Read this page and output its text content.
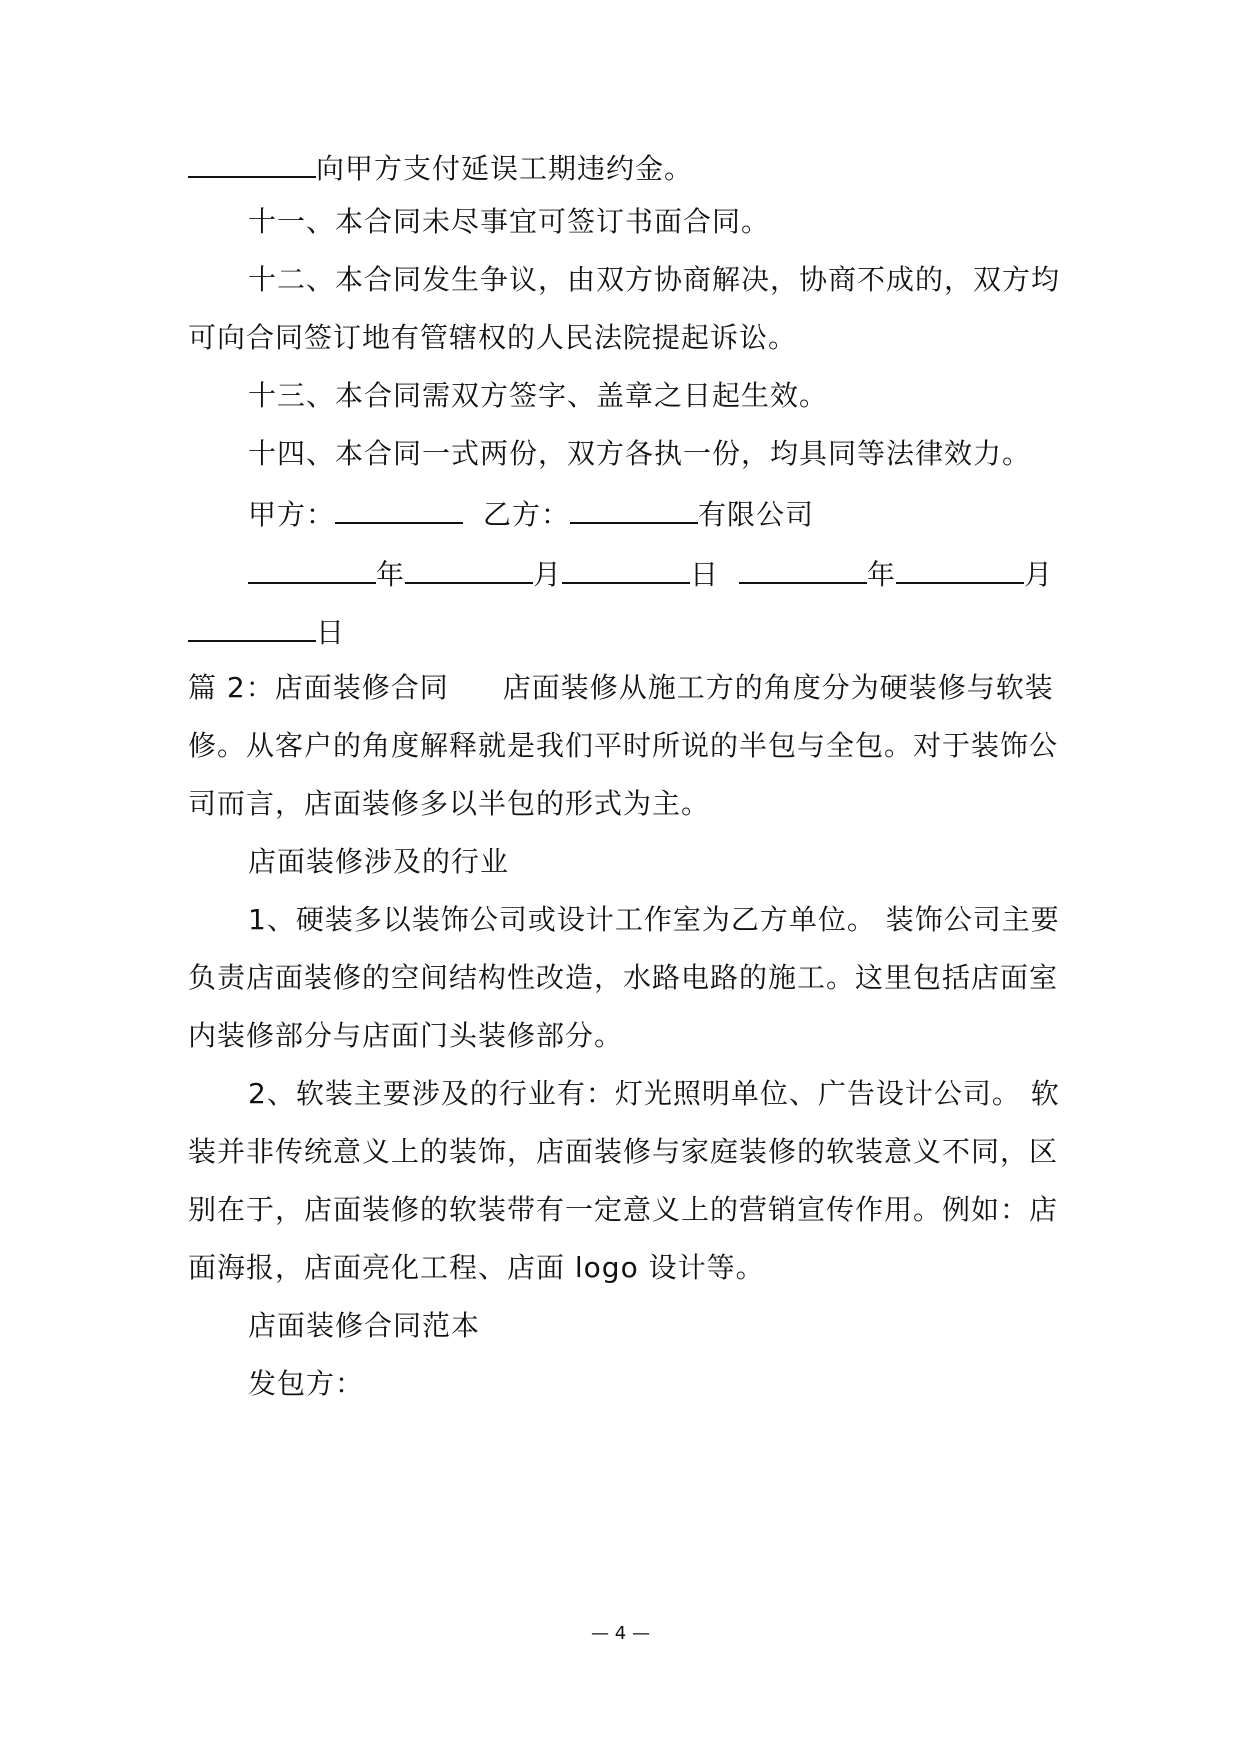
向甲方支付延误工期违约金。
十一、本合同未尽事宜可签订书面合同。
十二、本合同发生争议，由双方协商解决，协商不成的，双方均
可向合同签订地有管辖权的人民法院提起诉讼。
十三、本合同需双方签字、盖章之日起生效。
十四、本合同一式两份，双方各执一份，均具同等法律效力。
甲方：	乙方：	有限公司
年	月	日	年	月
日
篇 2：店面装修合同 店面装修从施工方的角度分为硬装修与软装
修。从客户的角度解释就是我们平时所说的半包与全包。对于装饰公
司而言，店面装修多以半包的形式为主。
店面装修涉及的行业
1、硬装多以装饰公司或设计工作室为乙方单位。 装饰公司主要
负责店面装修的空间结构性改造，水路电路的施工。这里包括店面室
内装修部分与店面门头装修部分。
2、软装主要涉及的行业有：灯光照明单位、广告设计公司。 软
装并非传统意义上的装饰，店面装修与家庭装修的软装意义不同，区
别在于，店面装修的软装带有一定意义上的营销宣传作用。例如：店
面海报，店面亮化工程、店面 logo 设计等。
店面装修合同范本
发包方：
— 4 —
